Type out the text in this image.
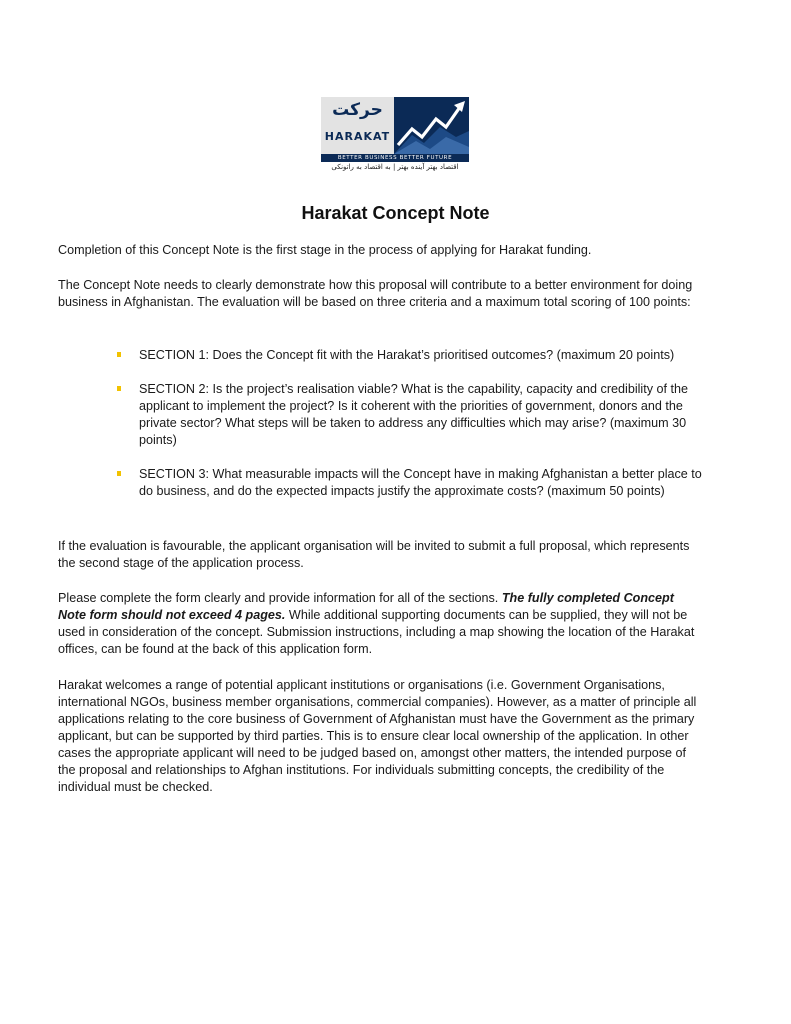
حرکت
HARAKAT
BETTER BUSINESS BETTER FUTURE
اقتصاد بهتر آینده بهتر | به اقتصاد به راتونکی
Harakat Concept Note

Completion of this Concept Note is the first stage in the process of applying for Harakat funding.

The Concept Note needs to clearly demonstrate how this proposal will contribute to a better environment for doing business in Afghanistan. The evaluation will be based on three criteria and a maximum total scoring of 100 points:

SECTION 1: Does the Concept fit with the Harakat’s prioritised outcomes? (maximum 20 points)
SECTION 2: Is the project’s realisation viable? What is the capability, capacity and credibility of the applicant to implement the project? Is it coherent with the priorities of government, donors and the private sector? What steps will be taken to address any difficulties which may arise? (maximum 30 points)
SECTION 3: What measurable impacts will the Concept have in making Afghanistan a better place to do business, and do the expected impacts justify the approximate costs? (maximum 50 points)

If the evaluation is favourable, the applicant organisation will be invited to submit a full proposal, which represents the second stage of the application process.

Please complete the form clearly and provide information for all of the sections. The fully completed Concept Note form should not exceed 4 pages. While additional supporting documents can be supplied, they will not be used in consideration of the concept. Submission instructions, including a map showing the location of the Harakat offices, can be found at the back of this application form.

Harakat welcomes a range of potential applicant institutions or organisations (i.e. Government Organisations, international NGOs, business member organisations, commercial companies). However, as a matter of principle all applications relating to the core business of Government of Afghanistan must have the Government as the primary applicant, but can be supported by third parties. This is to ensure clear local ownership of the application. In other cases the appropriate applicant will need to be judged based on, amongst other matters, the intended purpose of the proposal and relationships to Afghan institutions. For individuals submitting concepts, the credibility of the individual must be checked.
